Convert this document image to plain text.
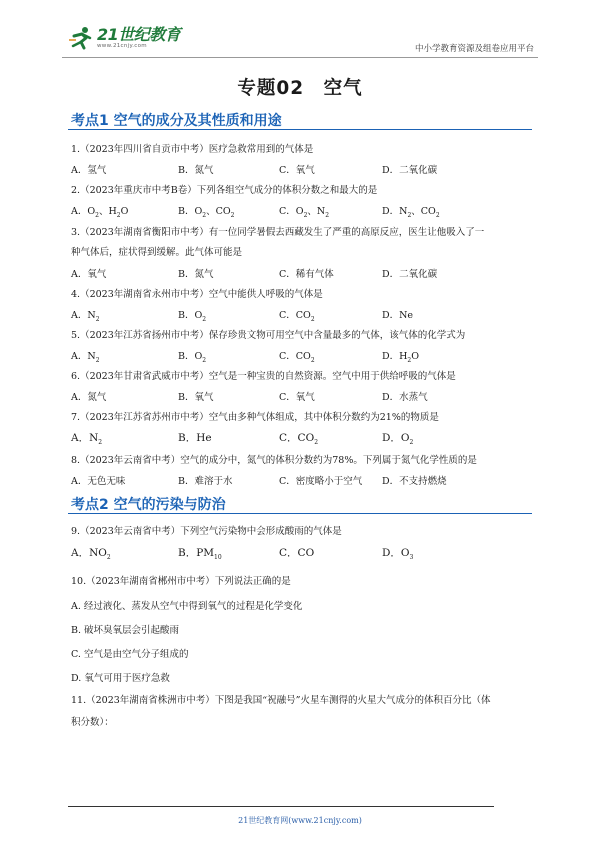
21世纪教育
www.21cnjy.com	中小学教育资源及组卷应用平台
专题02　空气
考点1 空气的成分及其性质和用途
1.（2023年四川省自贡市中考）医疗急救常用到的气体是
A．氢气	B．氮气	C．氧气	D．二氧化碳
2.（2023年重庆市中考B卷）下列各组空气成分的体积分数之和最大的是
A．$O_2$、$H_2O$	B．$O_2$、$CO_2$	C．$O_2$、$N_2$	D．$N_2$、$CO_2$
3.（2023年湖南省衡阳市中考）有一位同学暑假去西藏发生了严重的高原反应，医生让他吸入了一
种气体后，症状得到缓解。此气体可能是
A．氧气	B．氮气	C．稀有气体	D．二氧化碳
4.（2023年湖南省永州市中考）空气中能供人呼吸的气体是
A．$N_2$	B．$O_2$	C．$CO_2$	D．Ne
5.（2023年江苏省扬州市中考）保存珍贵文物可用空气中含量最多的气体，该气体的化学式为
A．$N_2$	B．$O_2$	C．$CO_2$	D．$H_2O$
6.（2023年甘肃省武威市中考）空气是一种宝贵的自然资源。空气中用于供给呼吸的气体是
A．氮气	B．氧气	C．氧气	D．水蒸气
7.（2023年江苏省苏州市中考）空气由多种气体组成，其中体积分数约为21%的物质是
A．$N_2$	B．He	C．$CO_2$	D．$O_2$
8.（2023年云南省中考）空气的成分中，氮气的体积分数约为78%。下列属于氮气化学性质的是
A．无色无味	B．难溶于水	C．密度略小于空气 D．不支持燃烧
考点2 空气的污染与防治
9.（2023年云南省中考）下列空气污染物中会形成酸雨的气体是
A．$NO_2$	B．$PM_{10}$	C．CO	D．$O_3$
10.（2023年湖南省郴州市中考）下列说法正确的是
A. 经过液化、蒸发从空气中得到氧气的过程是化学变化
B. 破坏臭氧层会引起酸雨
C. 空气是由空气分子组成的
D. 氧气可用于医疗急救
11.（2023年湖南省株洲市中考）下图是我国“祝融号”火星车测得的火星大气成分的体积百分比（体
积分数）：
21世纪教育网(www.21cnjy.com)
